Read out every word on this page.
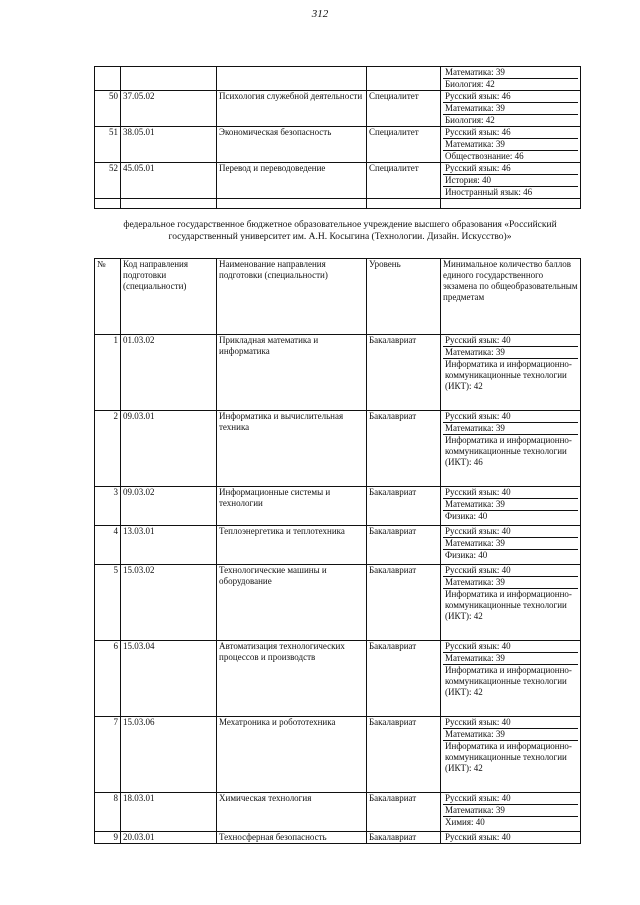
312

				Математика: 39
Биология: 42

50	37.05.02	Психология служебной деятельности	Специалитет	Русский язык: 46
Математика: 39
Биология: 42

51	38.05.01	Экономическая безопасность	Специалитет	Русский язык: 46
Математика: 39
Обществознание: 46

52	45.05.01	Перевод и переводоведение	Специалитет	Русский язык: 46
История: 40
Иностранный язык: 46

федеральное государственное бюджетное образовательное учреждение высшего образования «Российский государственный университет им. А.Н. Косыгина (Технологии. Дизайн. Искусство)»
№	Код направления подготовки (специальности)	Наименование направления подготовки (специальности)	Уровень	Минимальное количество баллов единого государственного экзамена по общеобразовательным предметам
1	01.03.02	Прикладная математика и информатика	Бакалавриат	Русский язык: 40
Математика: 39
Информатика и информационно-коммуникационные технологии (ИКТ): 42

2	09.03.01	Информатика и вычислительная техника	Бакалавриат	Русский язык: 40
Математика: 39
Информатика и информационно-коммуникационные технологии (ИКТ): 46

3	09.03.02	Информационные системы и технологии	Бакалавриат	Русский язык: 40
Математика: 39
Физика: 40

4	13.03.01	Теплоэнергетика и теплотехника	Бакалавриат	Русский язык: 40
Математика: 39
Физика: 40

5	15.03.02	Технологические машины и оборудование	Бакалавриат	Русский язык: 40
Математика: 39
Информатика и информационно-коммуникационные технологии (ИКТ): 42

6	15.03.04	Автоматизация технологических процессов и производств	Бакалавриат	Русский язык: 40
Математика: 39
Информатика и информационно-коммуникационные технологии (ИКТ): 42

7	15.03.06	Мехатроника и робототехника	Бакалавриат	Русский язык: 40
Математика: 39
Информатика и информационно-коммуникационные технологии (ИКТ): 42

8	18.03.01	Химическая технология	Бакалавриат	Русский язык: 40
Математика: 39
Химия: 40

9	20.03.01	Техносферная безопасность	Бакалавриат	Русский язык: 40
